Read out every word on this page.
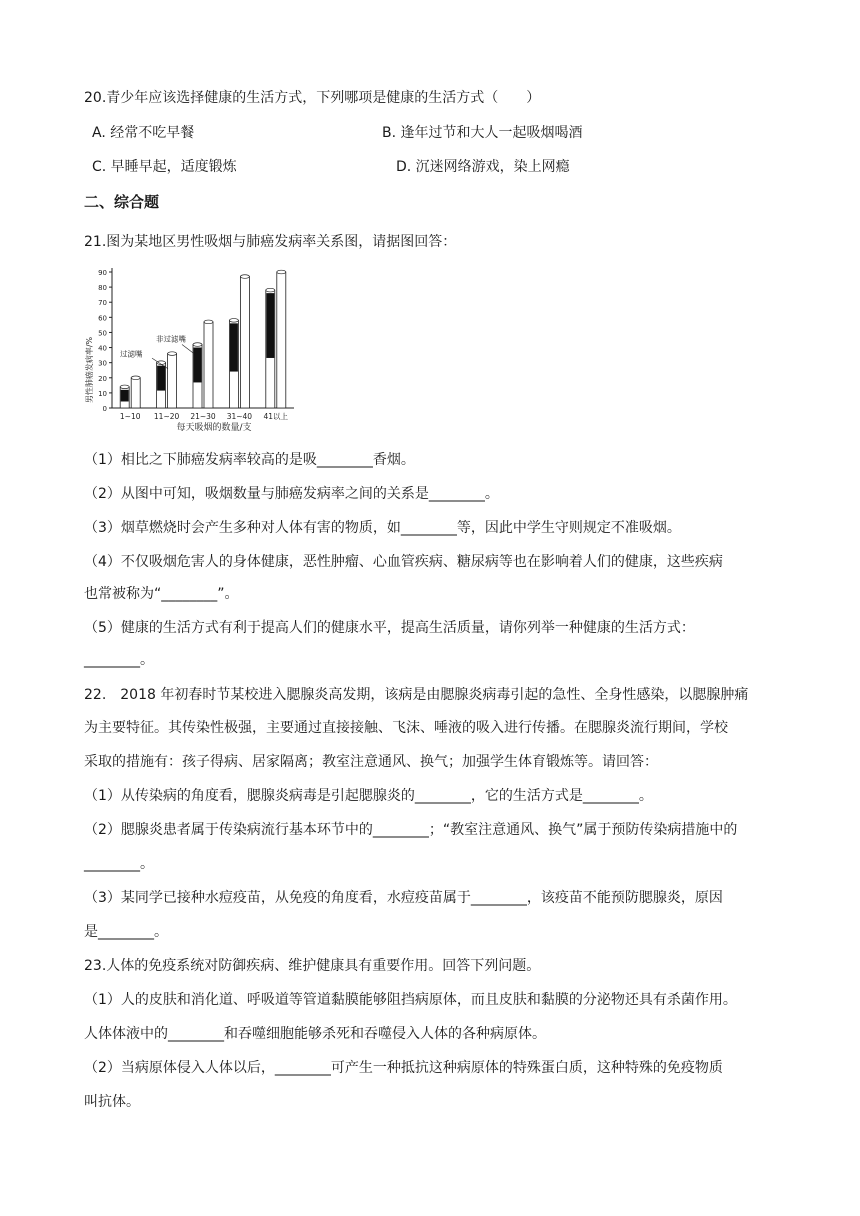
20.青少年应该选择健康的生活方式，下列哪项是健康的生活方式（　　）
A. 经常不吃早餐	B. 逢年过节和大人一起吸烟喝酒
C. 早睡早起，适度锻炼	D. 沉迷网络游戏，染上网瘾
二、综合题
21.图为某地区男性吸烟与肺癌发病率关系图，请据图回答：
男性肺癌发病率/%
每天吸烟的数量/支
0
10
20
30
40
50
60
70
80
90
1~10 11~20 21~30 31~40 41以上
过滤嘴
非过滤嘴
（1）相比之下肺癌发病率较高的是吸________香烟。
（2）从图中可知，吸烟数量与肺癌发病率之间的关系是________。
（3）烟草燃烧时会产生多种对人体有害的物质，如________等，因此中学生守则规定不准吸烟。
（4）不仅吸烟危害人的身体健康，恶性肿瘤、心血管疾病、糖尿病等也在影响着人们的健康，这些疾病
也常被称为“________”。
（5）健康的生活方式有利于提高人们的健康水平，提高生活质量，请你列举一种健康的生活方式：
________。
22.　2018 年初春时节某校进入腮腺炎高发期，该病是由腮腺炎病毒引起的急性、全身性感染，以腮腺肿痛
为主要特征。其传染性极强，主要通过直接接触、飞沫、唾液的吸入进行传播。在腮腺炎流行期间，学校
采取的措施有：孩子得病、居家隔离；教室注意通风、换气；加强学生体育锻炼等。请回答：
（1）从传染病的角度看，腮腺炎病毒是引起腮腺炎的________，它的生活方式是________。
（2）腮腺炎患者属于传染病流行基本环节中的________；“教室注意通风、换气”属于预防传染病措施中的
________。
（3）某同学已接种水痘疫苗，从免疫的角度看，水痘疫苗属于________，该疫苗不能预防腮腺炎，原因
是________。
23.人体的免疫系统对防御疾病、维护健康具有重要作用。回答下列问题。
（1）人的皮肤和消化道、呼吸道等管道黏膜能够阻挡病原体，而且皮肤和黏膜的分泌物还具有杀菌作用。
人体体液中的________和吞噬细胞能够杀死和吞噬侵入人体的各种病原体。
（2）当病原体侵入人体以后，________可产生一种抵抗这种病原体的特殊蛋白质，这种特殊的免疫物质
叫抗体。
